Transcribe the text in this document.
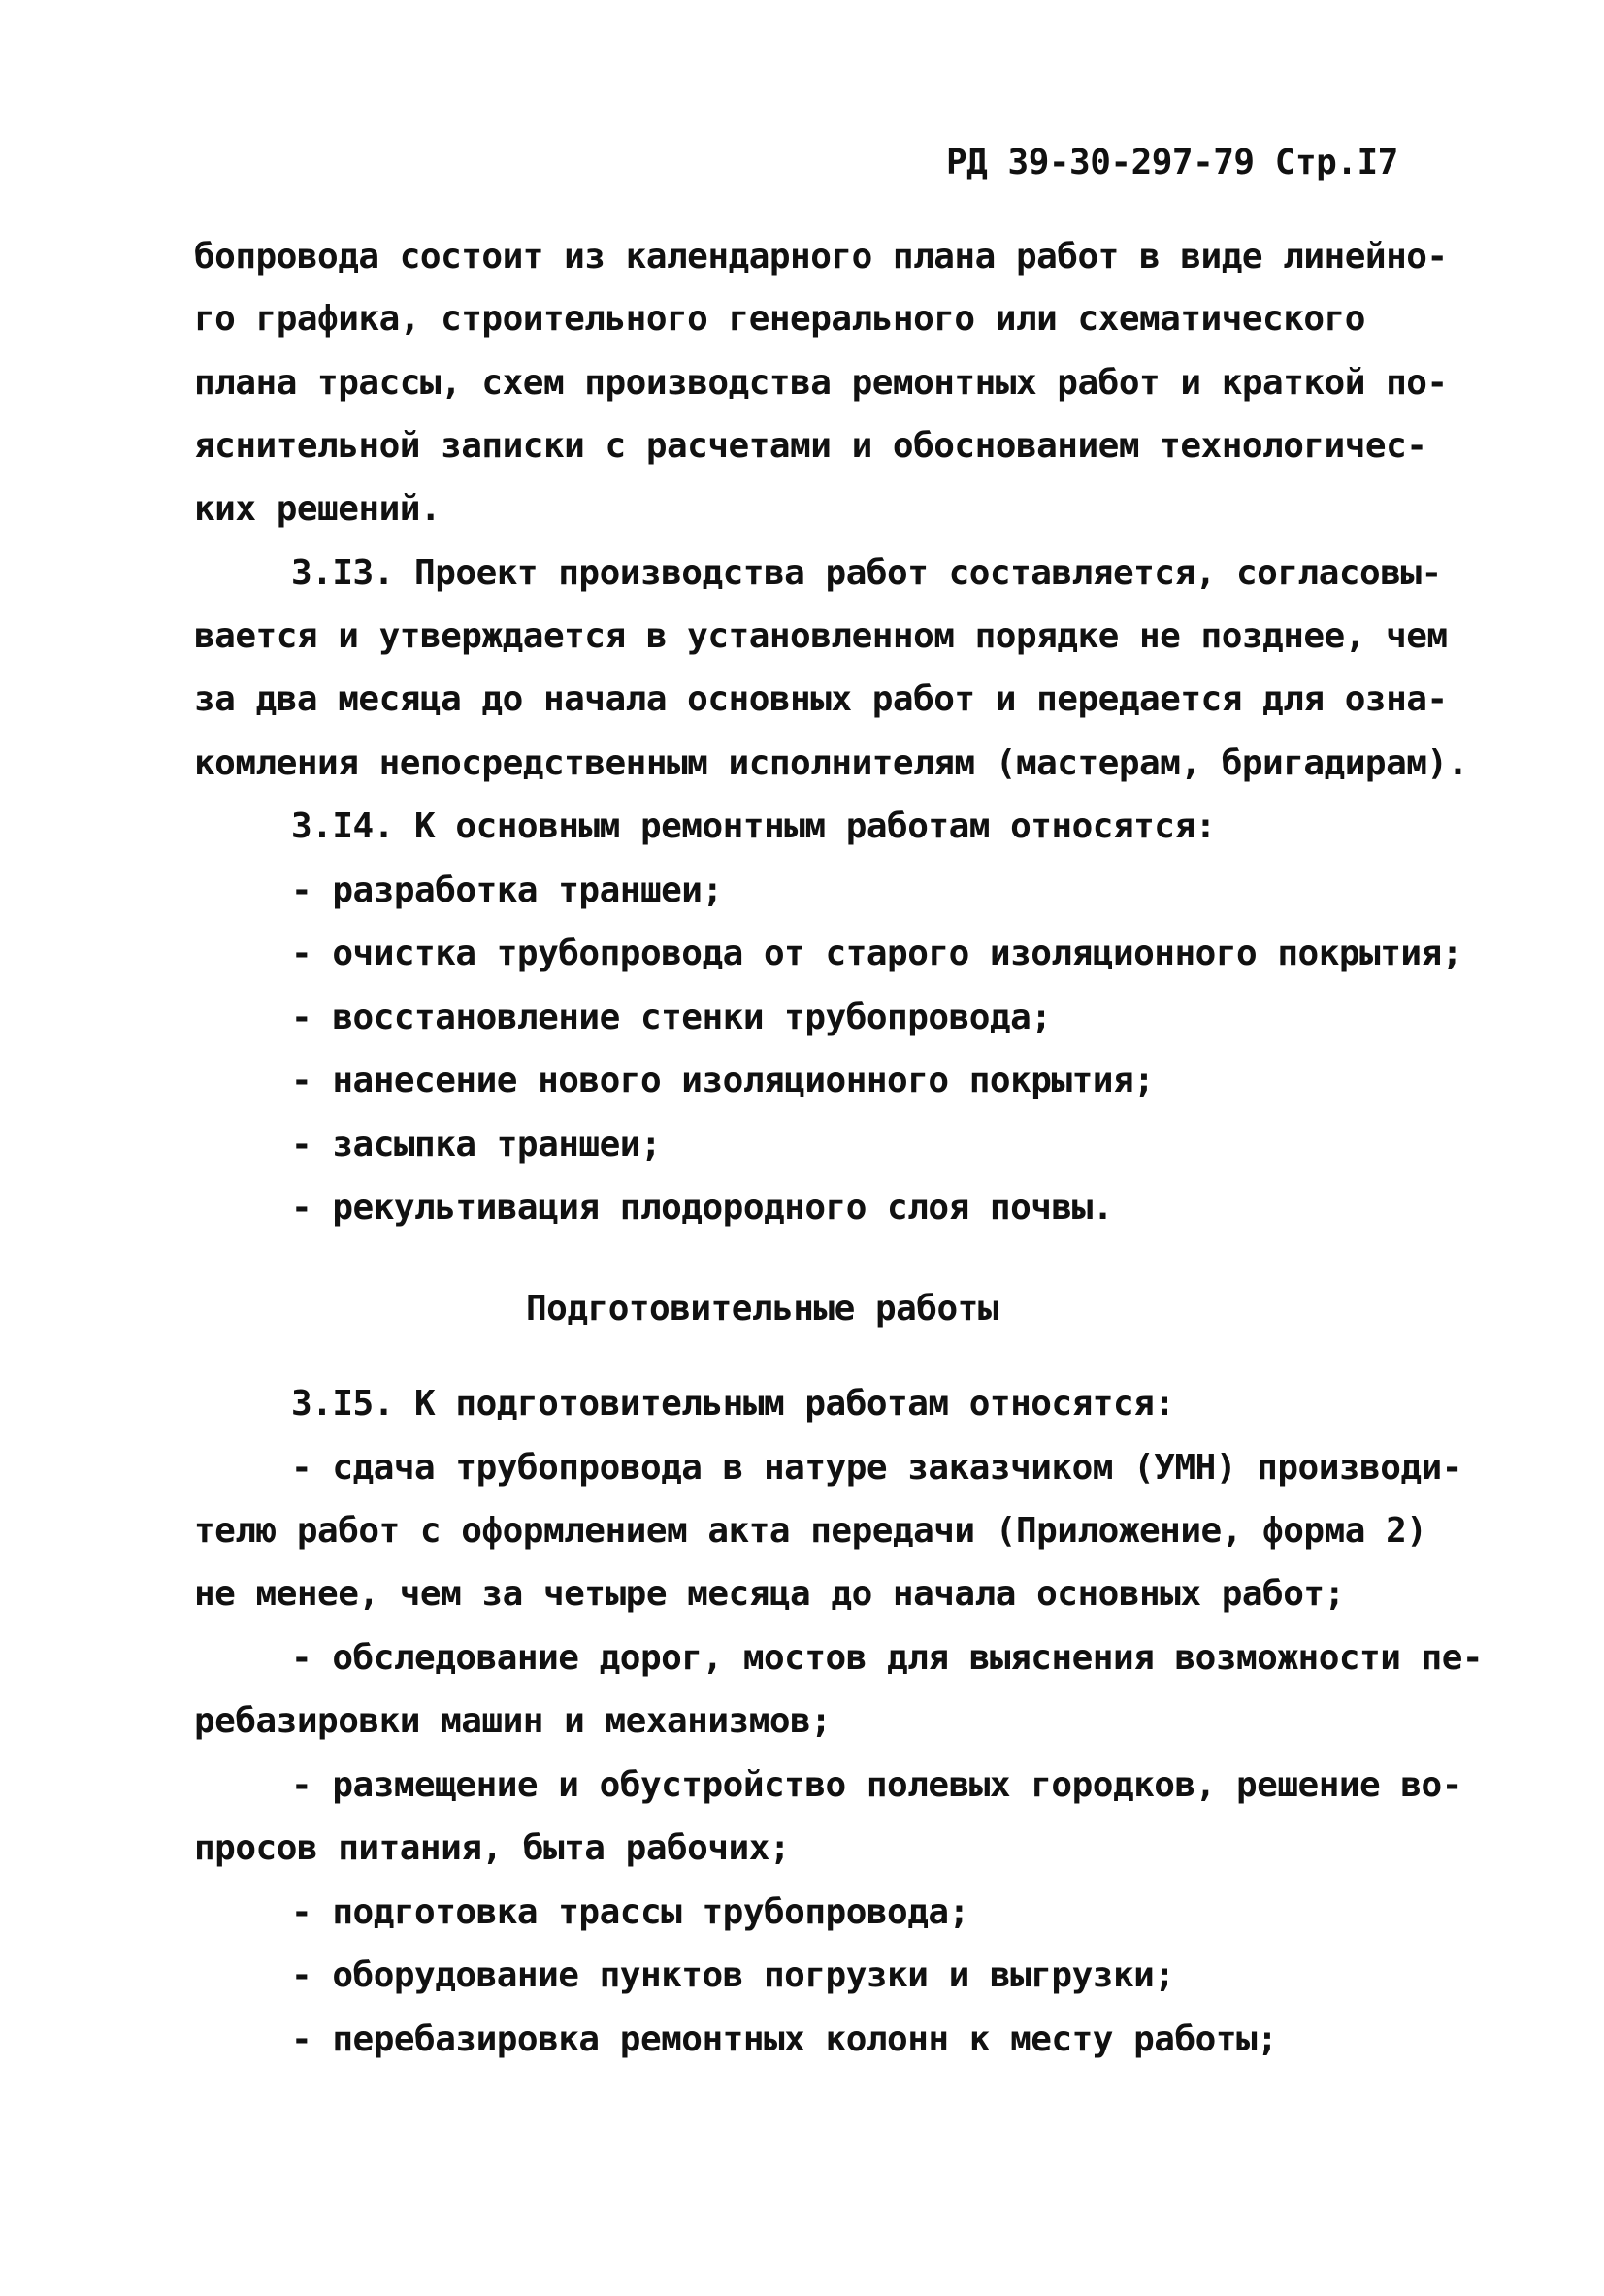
РД 39-30-297-79 Стр.I7
бопровода состоит из календарного плана работ в виде линейно-
го графика, строительного генерального или схематического
плана трассы, схем производства ремонтных работ и краткой по-
яснительной записки с расчетами и обоснованием технологичес-
ких решений.
3.I3. Проект производства работ составляется, согласовы-
вается и утверждается в установленном порядке не позднее, чем
за два месяца до начала основных работ и передается для озна-
комления непосредственным исполнителям (мастерам, бригадирам).
3.I4. К основным ремонтным работам относятся:
- разработка траншеи;
- очистка трубопровода от старого изоляционного покрытия;
- восстановление стенки трубопровода;
- нанесение нового изоляционного покрытия;
- засыпка траншеи;
- рекультивация плодородного слоя почвы.
Подготовительные работы
3.I5. К подготовительным работам относятся:
- сдача трубопровода в натуре заказчиком (УМН) производи-
телю работ с оформлением акта передачи (Приложение, форма 2)
не менее, чем за четыре месяца до начала основных работ;
- обследование дорог, мостов для выяснения возможности пе-
ребазировки машин и механизмов;
- размещение и обустройство полевых городков, решение во-
просов питания, быта рабочих;
- подготовка трассы трубопровода;
- оборудование пунктов погрузки и выгрузки;
- перебазировка ремонтных колонн к месту работы;
